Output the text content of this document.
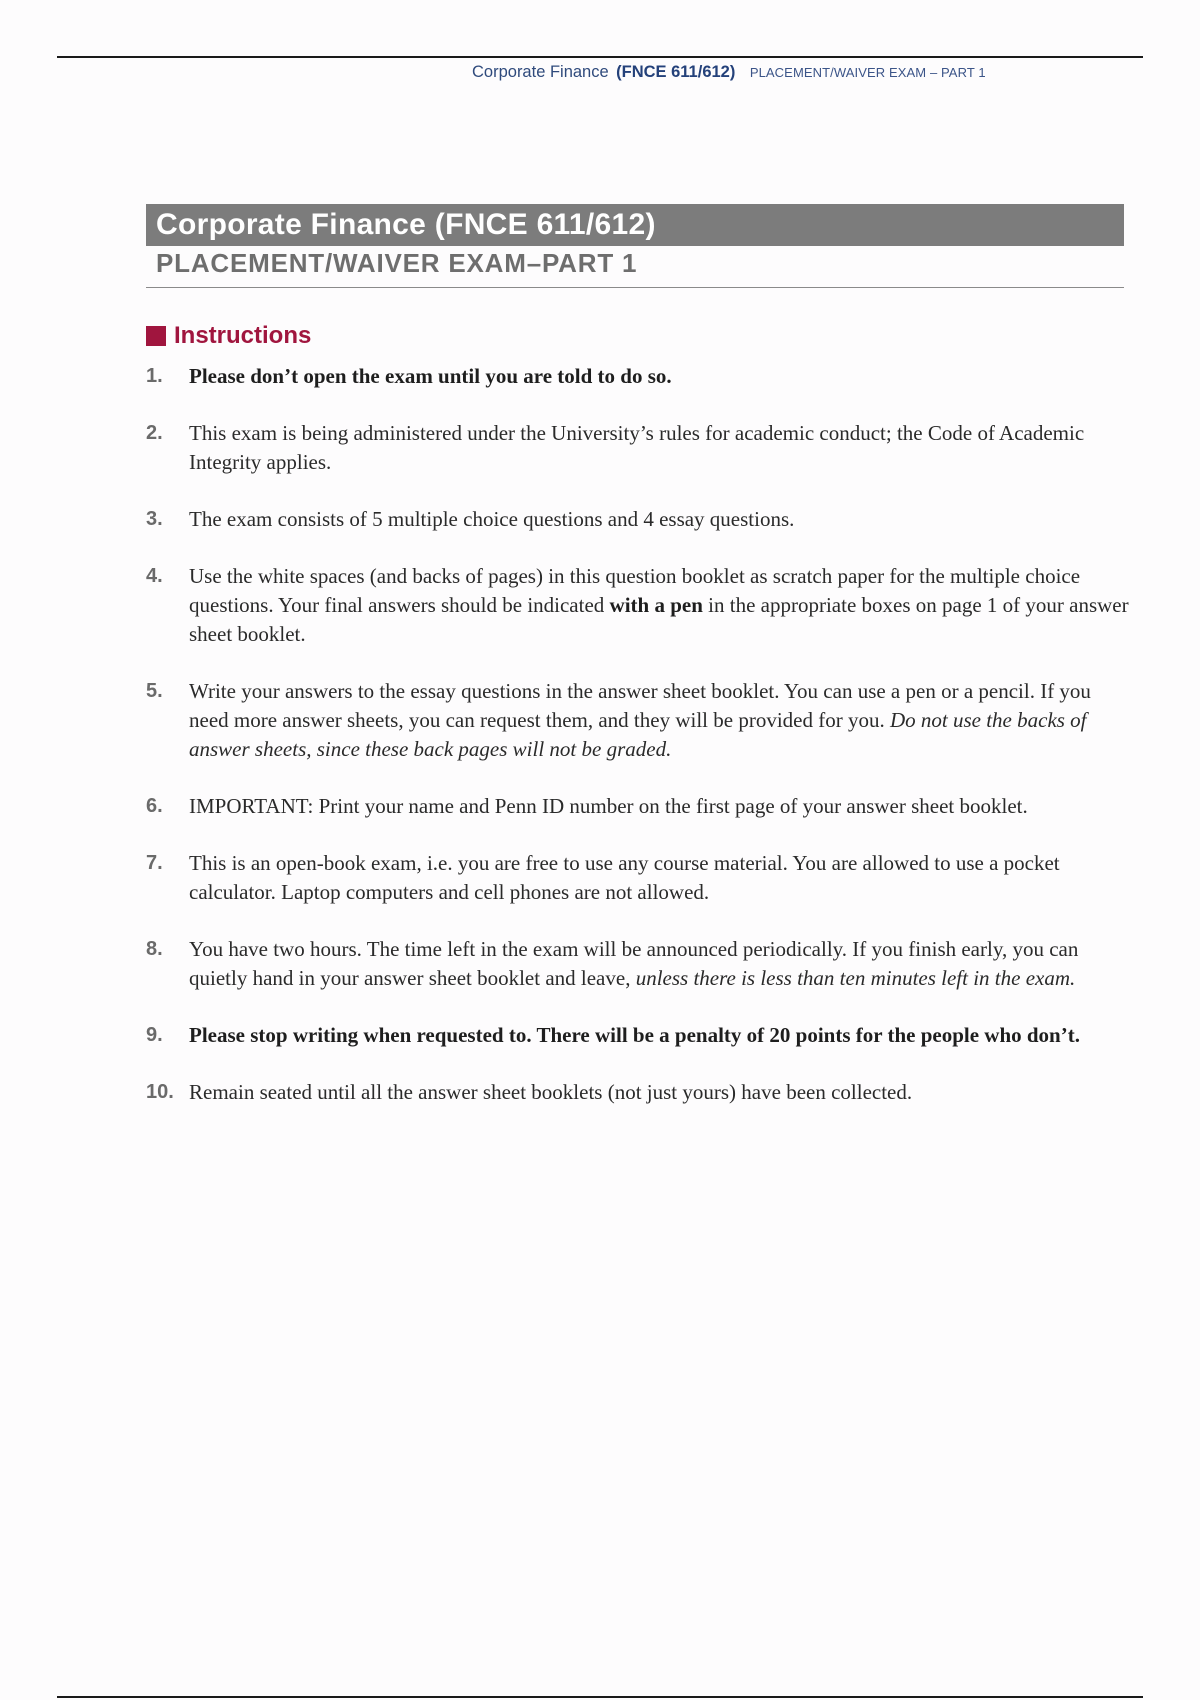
Corporate Finance (FNCE 611/612) PLACEMENT/WAIVER EXAM – PART 1
Corporate Finance (FNCE 611/612)
PLACEMENT/WAIVER EXAM–PART 1
Instructions
1.	Please don’t open the exam until you are told to do so.
2.	This exam is being administered under the University’s rules for academic conduct; the Code of Academic Integrity applies.
3.	The exam consists of 5 multiple choice questions and 4 essay questions.
4.	Use the white spaces (and backs of pages) in this question booklet as scratch paper for the multiple choice questions. Your final answers should be indicated with a pen in the appropriate boxes on page 1 of your answer sheet booklet.
5.	Write your answers to the essay questions in the answer sheet booklet. You can use a pen or a pencil. If you need more answer sheets, you can request them, and they will be provided for you. Do not use the backs of answer sheets, since these back pages will not be graded.
6.	IMPORTANT: Print your name and Penn ID number on the first page of your answer sheet booklet.
7.	This is an open-book exam, i.e. you are free to use any course material. You are allowed to use a pocket calculator. Laptop computers and cell phones are not allowed.
8.	You have two hours. The time left in the exam will be announced periodically. If you finish early, you can quietly hand in your answer sheet booklet and leave, unless there is less than ten minutes left in the exam.
9.	Please stop writing when requested to. There will be a penalty of 20 points for the people who don’t.
10. Remain seated until all the answer sheet booklets (not just yours) have been collected.
